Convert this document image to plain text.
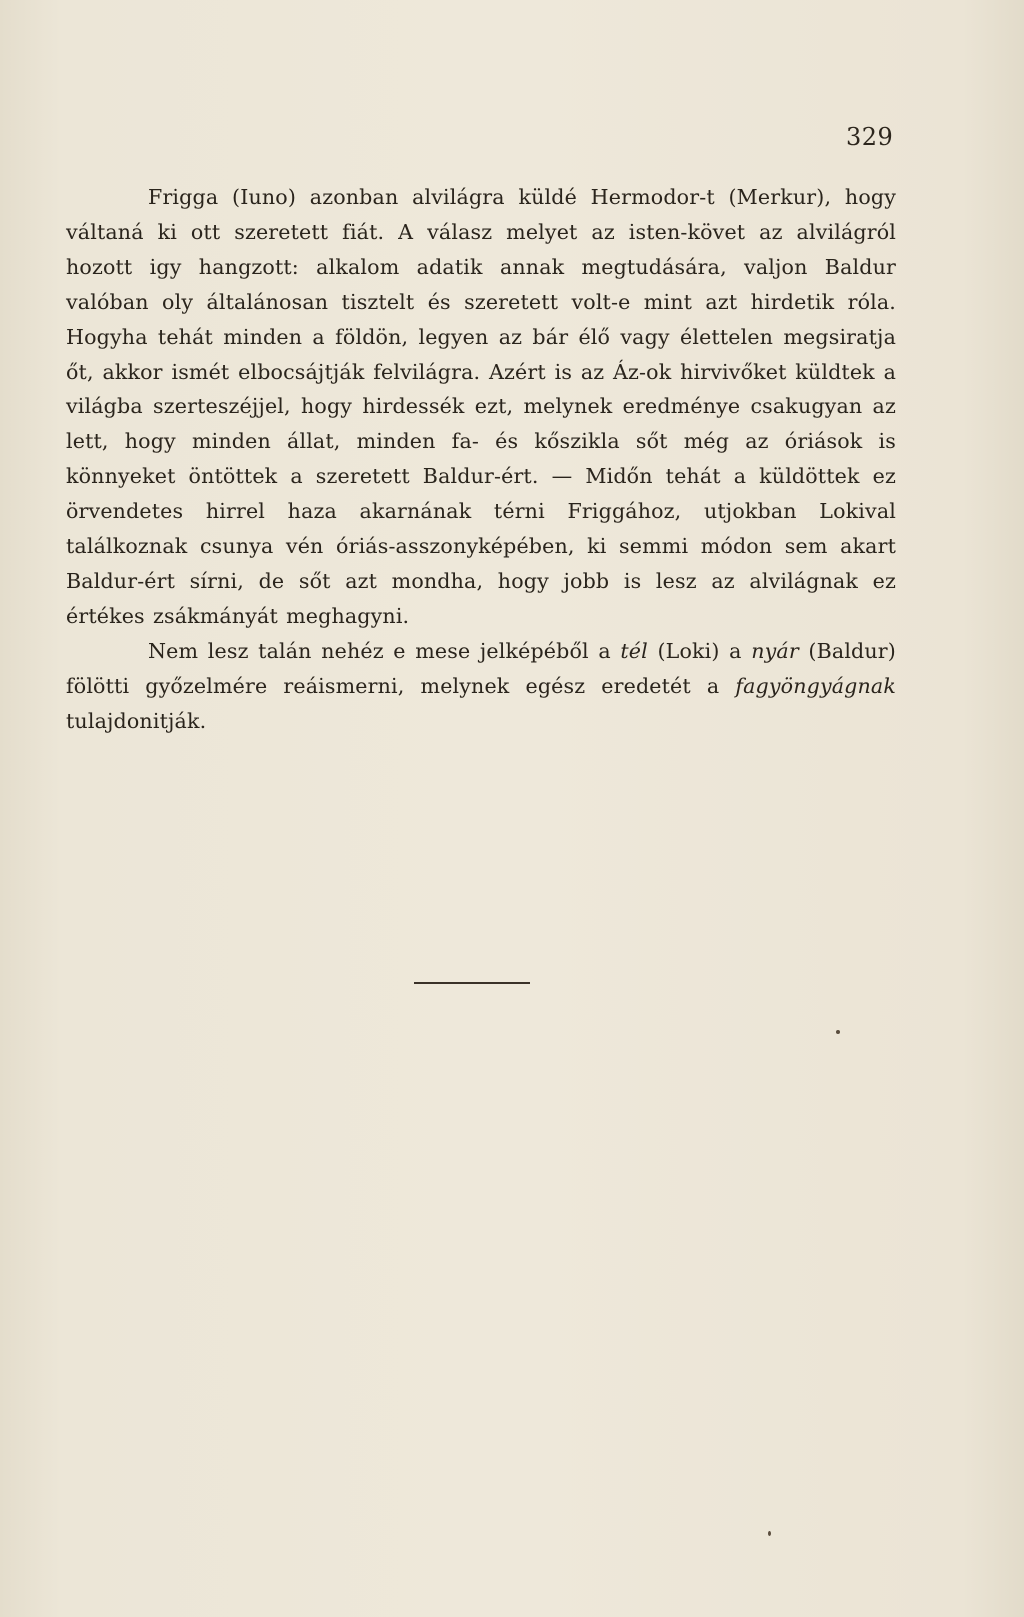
329

Frigga (Iuno) azonban alvilágra küldé Hermodor-t (Merkur), hogy váltaná ki ott szeretett fiát. A válasz melyet az isten-követ az alvilágról hozott igy hangzott: alkalom adatik annak megtudására, valjon Baldur valóban oly általánosan tisztelt és szeretett volt-e mint azt hirdetik róla. Hogyha tehát minden a földön, legyen az bár élő vagy élettelen megsiratja őt, akkor ismét elbocsájtják felvilágra. Azért is az Áz-ok hirvivőket küldtek a világba szerteszéjjel, hogy hirdessék ezt, melynek eredménye csakugyan az lett, hogy minden állat, minden fa- és kőszikla sőt még az óriások is könnyeket öntöttek a szeretett Baldur-ért. — Midőn tehát a küldöttek ez örvendetes hirrel haza akarnának térni Friggához, utjokban Lokival találkoznak csunya vén óriás-asszonyképében, ki semmi módon sem akart Baldur-ért sírni, de sőt azt mondha, hogy jobb is lesz az alvilágnak ez értékes zsákmányát meghagyni.

Nem lesz talán nehéz e mese jelképéből a tél (Loki) a nyár (Baldur) fölötti győzelmére reáismerni, melynek egész eredetét a fagyöngyágnak tulajdonitják.
